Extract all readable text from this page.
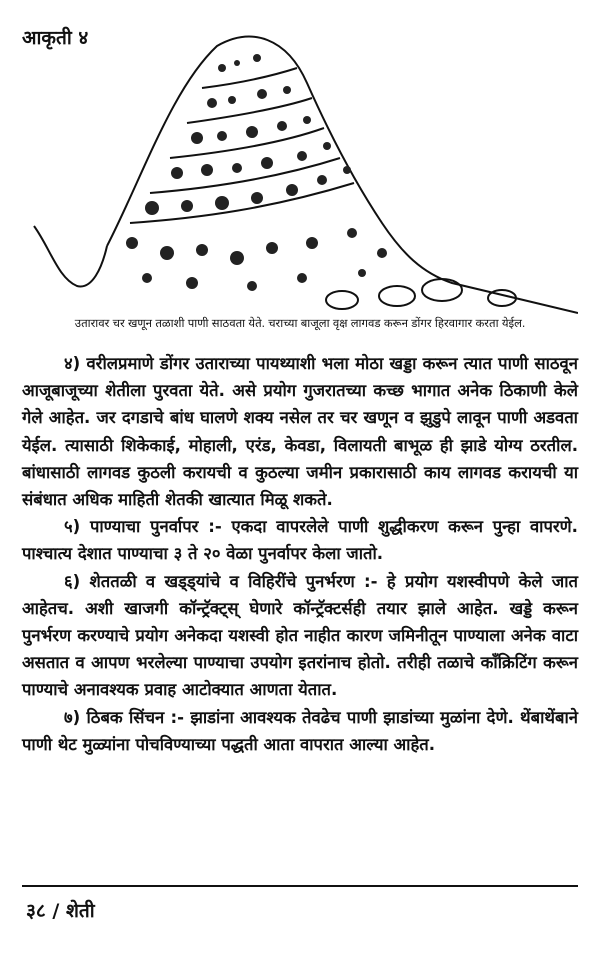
आकृती ४
उतारावर चर खणून तळाशी पाणी साठवता येते. चराच्या बाजूला वृक्ष लागवड करून डोंगर हिरवागार करता येईल.

४) वरीलप्रमाणे डोंगर उताराच्या पायथ्याशी भला मोठा खड्डा करून त्यात पाणी साठवून आजूबाजूच्या शेतीला पुरवता येते. असे प्रयोग गुजरातच्या कच्छ भागात अनेक ठिकाणी केले गेले आहेत. जर दगडाचे बांध घालणे शक्य नसेल तर चर खणून व झुडुपे लावून पाणी अडवता येईल. त्यासाठी शिकेकाई, मोहाली, एरंड, केवडा, विलायती बाभूळ ही झाडे योग्य ठरतील. बांधासाठी लागवड कुठली करायची व कुठल्या जमीन प्रकारासाठी काय लागवड करायची या संबंधात अधिक माहिती शेतकी खात्यात मिळू शकते.

५) पाण्याचा पुनर्वापर :- एकदा वापरलेले पाणी शुद्धीकरण करून पुन्हा वापरणे. पाश्चात्य देशात पाण्याचा ३ ते २० वेळा पुनर्वापर केला जातो.

६) शेततळी व खड्ड्यांचे व विहिरींचे पुनर्भरण :- हे प्रयोग यशस्वीपणे केले जात आहेतच. अशी खाजगी कॉन्ट्रॅक्ट्स् घेणारे कॉन्ट्रॅक्टर्सही तयार झाले आहेत. खड्डे करून पुनर्भरण करण्याचे प्रयोग अनेकदा यशस्वी होत नाहीत कारण जमिनीतून पाण्याला अनेक वाटा असतात व आपण भरलेल्या पाण्याचा उपयोग इतरांनाच होतो. तरीही तळाचे कॉंक्रिटिंग करून पाण्याचे अनावश्यक प्रवाह आटोक्यात आणता येतात.

७) ठिबक सिंचन :- झाडांना आवश्यक तेवढेच पाणी झाडांच्या मुळांना देणे. थेंबाथेंबाने पाणी थेट मुळ्यांना पोचविण्याच्या पद्धती आता वापरात आल्या आहेत.

३८ / शेती
